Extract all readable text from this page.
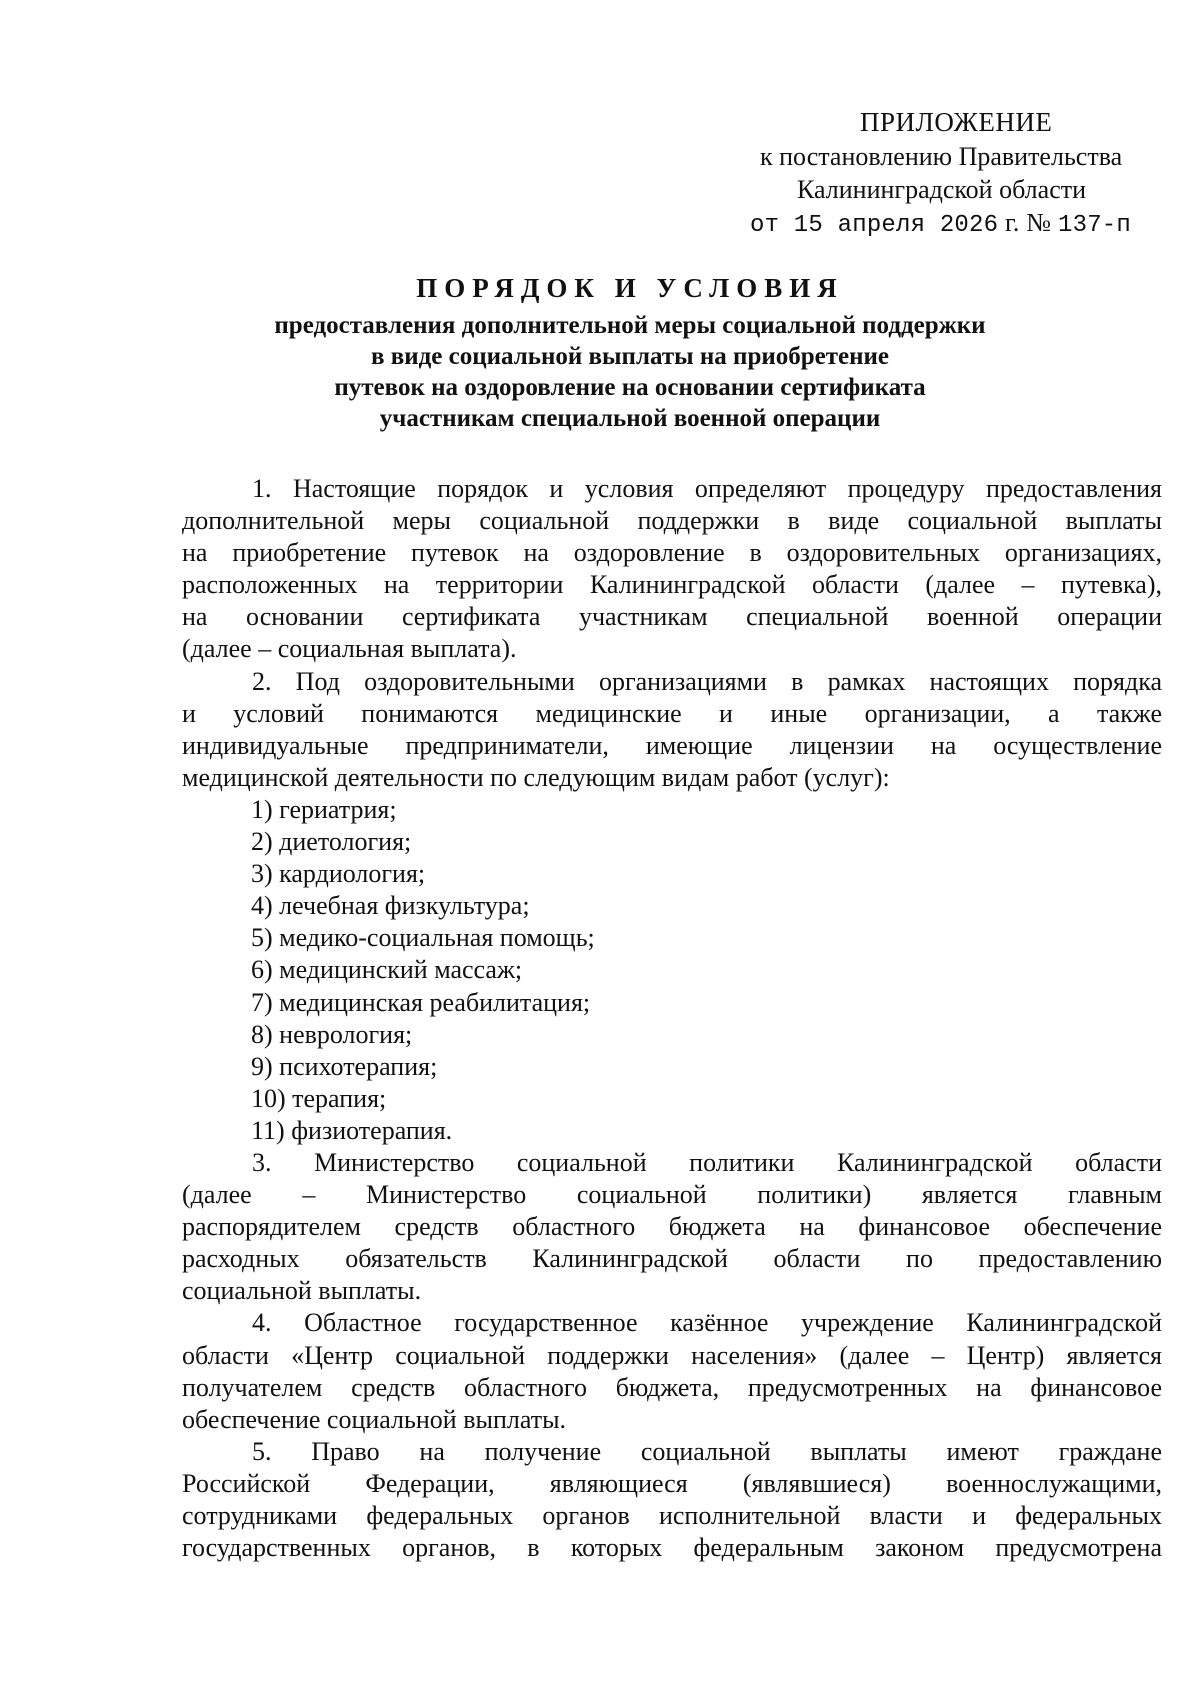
ПРИЛОЖЕНИЕ
к постановлению Правительства
Калининградской области
от 15 апреля 2026 г. № 137-п
ПОРЯДОК И УСЛОВИЯ
предоставления дополнительной меры социальной поддержки
в виде социальной выплаты на приобретение
путевок на оздоровление на основании сертификата
участникам специальной военной операции
1. Настоящие порядок и условия определяют процедуру предоставления
дополнительной меры социальной поддержки в виде социальной выплаты
на приобретение путевок на оздоровление в оздоровительных организациях,
расположенных на территории Калининградской области (далее – путевка),
на основании сертификата участникам специальной военной операции
(далее – социальная выплата).
2. Под оздоровительными организациями в рамках настоящих порядка
и условий понимаются медицинские и иные организации, а также
индивидуальные предприниматели, имеющие лицензии на осуществление
медицинской деятельности по следующим видам работ (услуг):
1) гериатрия;
2) диетология;
3) кардиология;
4) лечебная физкультура;
5) медико-социальная помощь;
6) медицинский массаж;
7) медицинская реабилитация;
8) неврология;
9) психотерапия;
10) терапия;
11) физиотерапия.
3. Министерство социальной политики Калининградской области
(далее – Министерство социальной политики) является главным
распорядителем средств областного бюджета на финансовое обеспечение
расходных обязательств Калининградской области по предоставлению
социальной выплаты.
4. Областное государственное казённое учреждение Калининградской
области «Центр социальной поддержки населения» (далее – Центр) является
получателем средств областного бюджета, предусмотренных на финансовое
обеспечение социальной выплаты.
5. Право на получение социальной выплаты имеют граждане
Российской Федерации, являющиеся (являвшиеся) военнослужащими,
сотрудниками федеральных органов исполнительной власти и федеральных
государственных органов, в которых федеральным законом предусмотрена
